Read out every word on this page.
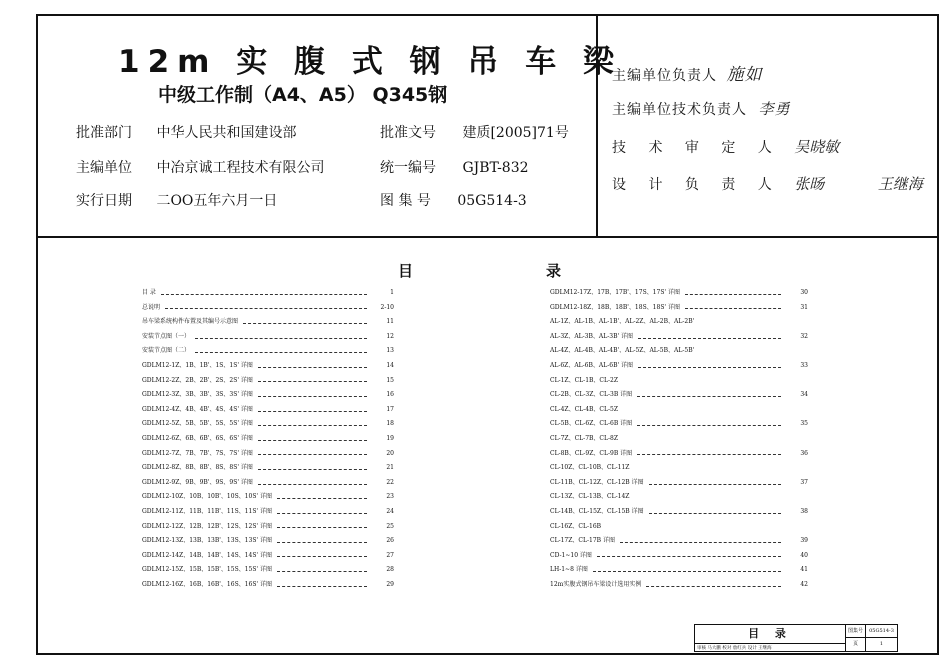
12m 实 腹 式 钢 吊 车 梁
中级工作制（A4、A5） Q345钢
批准部门 中华人民共和国建设部
主编单位 中冶京诚工程技术有限公司
实行日期 二OO五年六月一日
批准文号 建质[2005]71号
统一编号 GJBT-832
图 集 号 05G514-3
主编单位负责人 施如
主编单位技术负责人 李勇
技 术 审 定 人 吴晓敏
设 计 负 责 人 张旸	王继海
目	录
目 录	1
总说明	2-10
吊车梁系统构件布置及其编号示意图	11
安装节点图（一）	12
安装节点图（二）	13
GDLM12-1Z、1B、1B'、1S、1S' 详图	14
GDLM12-2Z、2B、2B'、2S、2S' 详图	15
GDLM12-3Z、3B、3B'、3S、3S' 详图	16
GDLM12-4Z、4B、4B'、4S、4S' 详图	17
GDLM12-5Z、5B、5B'、5S、5S' 详图	18
GDLM12-6Z、6B、6B'、6S、6S' 详图	19
GDLM12-7Z、7B、7B'、7S、7S' 详图	20
GDLM12-8Z、8B、8B'、8S、8S' 详图	21
GDLM12-9Z、9B、9B'、9S、9S' 详图	22
GDLM12-10Z、10B、10B'、10S、10S' 详图	23
GDLM12-11Z、11B、11B'、11S、11S' 详图	24
GDLM12-12Z、12B、12B'、12S、12S' 详图	25
GDLM12-13Z、13B、13B'、13S、13S' 详图	26
GDLM12-14Z、14B、14B'、14S、14S' 详图	27
GDLM12-15Z、15B、15B'、15S、15S' 详图	28
GDLM12-16Z、16B、16B'、16S、16S' 详图	29
GDLM12-17Z、17B、17B'、17S、17S' 详图	30
GDLM12-18Z、18B、18B'、18S、18S' 详图	31
AL-1Z、AL-1B、AL-1B'、AL-2Z、AL-2B、AL-2B'
AL-3Z、AL-3B、AL-3B' 详图	32
AL-4Z、AL-4B、AL-4B'、AL-5Z、AL-5B、AL-5B'
AL-6Z、AL-6B、AL-6B' 详图	33
CL-1Z、CL-1B、CL-2Z
CL-2B、CL-3Z、CL-3B 详图	34
CL-4Z、CL-4B、CL-5Z
CL-5B、CL-6Z、CL-6B 详图	35
CL-7Z、CL-7B、CL-8Z
CL-8B、CL-9Z、CL-9B 详图	36
CL-10Z、CL-10B、CL-11Z
CL-11B、CL-12Z、CL-12B 详图	37
CL-13Z、CL-13B、CL-14Z
CL-14B、CL-15Z、CL-15B 详图	38
CL-16Z、CL-16B
CL-17Z、CL-17B 详图	39
CD-1~10 详图	40
LH-1~8 详图	41
12m实腹式钢吊车梁设计选用实例	42
目 录
审核 马大鹏 校对 詹红兵 设计 王继海
图集号	05G514-3
页	1
